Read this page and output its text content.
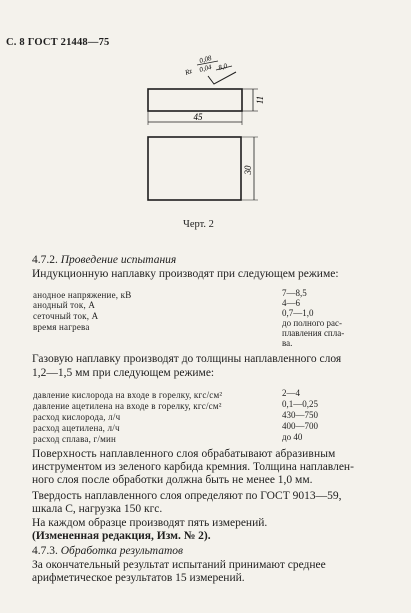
С. 8 ГОСТ 21448—75
Rz
0,08
0,04 8,0
11
45
30
Черт. 2
4.7.2. Проведение испытания
Индукционную наплавку производят при следующем режиме:
анодное напряжение, кВ	7—8,5
анодный ток, А	4—6
сеточный ток, А	0,7—1,0
время нагрева	до полного рас-
плавления спла-
ва.
Газовую наплавку производят до толщины наплавленного слоя
1,2—1,5 мм при следующем режиме:
давление кислорода на входе в горелку, кгс/см²	2—4
давление ацетилена на входе в горелку, кгс/см²	0,1—0,25
расход кислорода, л/ч	430—750
расход ацетилена, л/ч	400—700
расход сплава, г/мин	до 40
Поверхность наплавленного слоя обрабатывают абразивным
инструментом из зеленого карбида кремния. Толщина наплавлен-
ного слоя после обработки должна быть не менее 1,0 мм.
Твердость наплавленного слоя определяют по ГОСТ 9013—59,
шкала С, нагрузка 150 кгс.
На каждом образце производят пять измерений.
(Измененная редакция, Изм. № 2).
4.7.3. Обработка результатов
За окончательный результат испытаний принимают среднее
арифметическое результатов 15 измерений.
